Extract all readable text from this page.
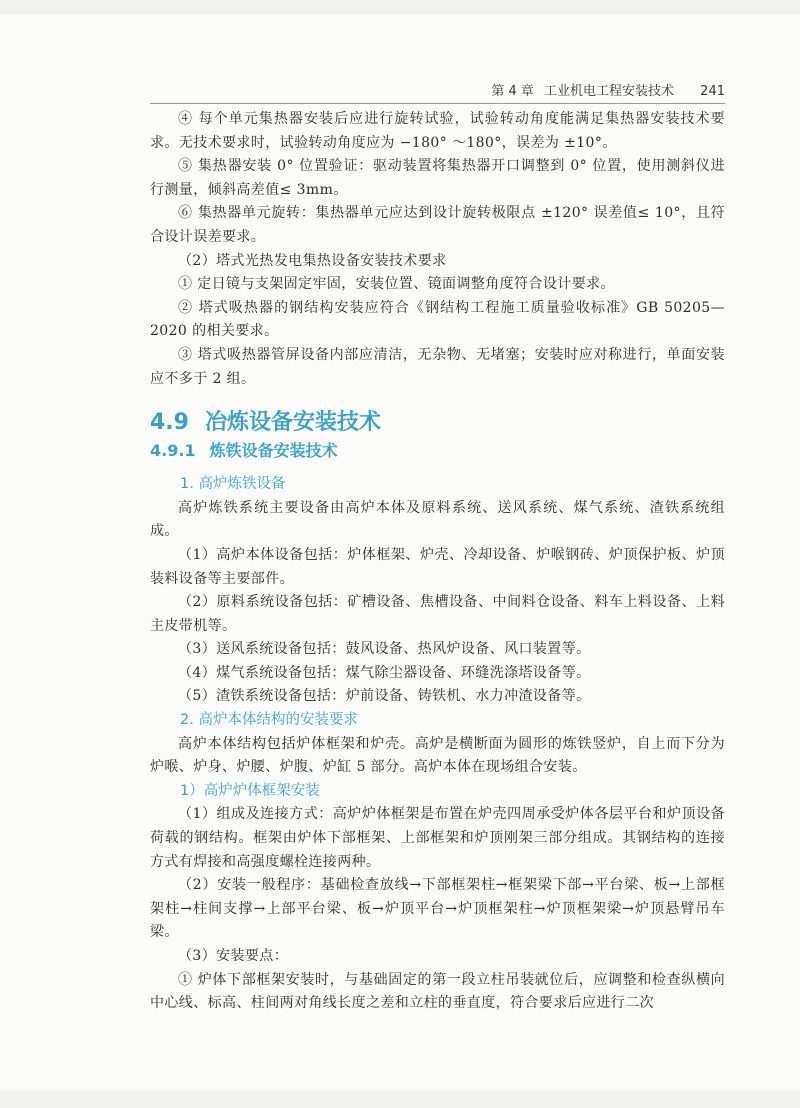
第 4 章 工业机电工程安装技术 241

④ 每个单元集热器安装后应进行旋转试验，试验转动角度能满足集热器安装技术要求。无技术要求时，试验转动角度应为 −180° ～180°，误差为 ±10°。

⑤ 集热器安装 0° 位置验证：驱动装置将集热器开口调整到 0° 位置，使用测斜仪进行测量，倾斜高差值≤ 3mm。

⑥ 集热器单元旋转：集热器单元应达到设计旋转极限点 ±120° 误差值≤ 10°，且符合设计误差要求。

（2）塔式光热发电集热设备安装技术要求

① 定日镜与支架固定牢固，安装位置、镜面调整角度符合设计要求。

② 塔式吸热器的钢结构安装应符合《钢结构工程施工质量验收标准》GB 50205—2020 的相关要求。

③ 塔式吸热器管屏设备内部应清洁，无杂物、无堵塞；安装时应对称进行，单面安装应不多于 2 组。

4.9 冶炼设备安装技术
4.9.1 炼铁设备安装技术
1. 高炉炼铁设备

高炉炼铁系统主要设备由高炉本体及原料系统、送风系统、煤气系统、渣铁系统组成。

（1）高炉本体设备包括：炉体框架、炉壳、冷却设备、炉喉钢砖、炉顶保护板、炉顶装料设备等主要部件。

（2）原料系统设备包括：矿槽设备、焦槽设备、中间料仓设备、料车上料设备、上料主皮带机等。

（3）送风系统设备包括：鼓风设备、热风炉设备、风口装置等。

（4）煤气系统设备包括：煤气除尘器设备、环缝洗涤塔设备等。

（5）渣铁系统设备包括：炉前设备、铸铁机、水力冲渣设备等。

2. 高炉本体结构的安装要求

高炉本体结构包括炉体框架和炉壳。高炉是横断面为圆形的炼铁竖炉，自上而下分为炉喉、炉身、炉腰、炉腹、炉缸 5 部分。高炉本体在现场组合安装。

1）高炉炉体框架安装

（1）组成及连接方式：高炉炉体框架是布置在炉壳四周承受炉体各层平台和炉顶设备荷载的钢结构。框架由炉体下部框架、上部框架和炉顶刚架三部分组成。其钢结构的连接方式有焊接和高强度螺栓连接两种。

（2）安装一般程序：基础检查放线→下部框架柱→框架梁下部→平台梁、板→上部框架柱→柱间支撑→上部平台梁、板→炉顶平台→炉顶框架柱→炉顶框架梁→炉顶悬臂吊车梁。

（3）安装要点：

① 炉体下部框架安装时，与基础固定的第一段立柱吊装就位后，应调整和检查纵横向中心线、标高、柱间两对角线长度之差和立柱的垂直度，符合要求后应进行二次
